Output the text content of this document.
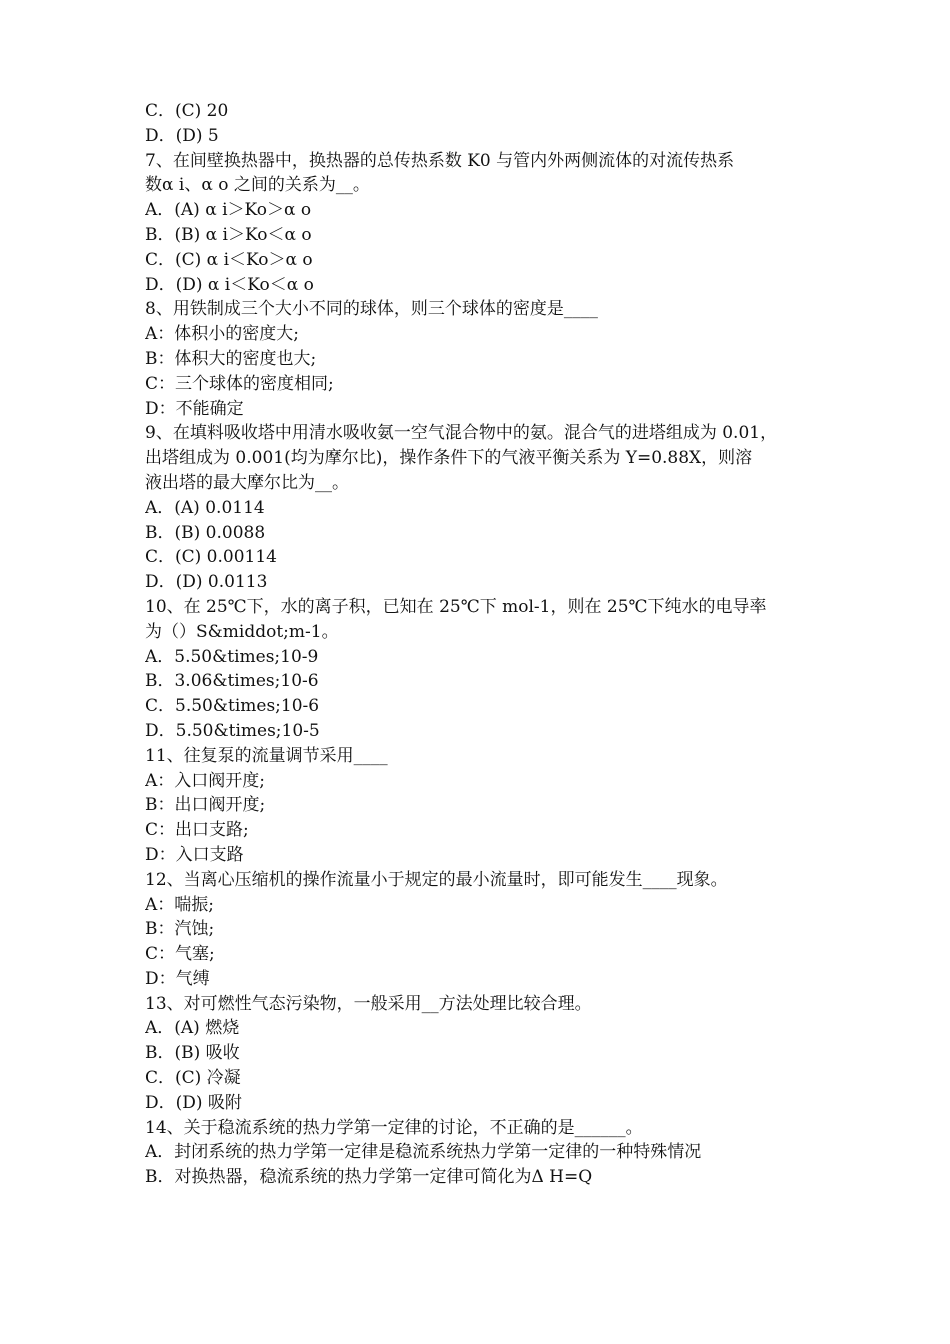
C．(C) 20
D．(D) 5
7、在间壁换热器中，换热器的总传热系数 K0 与管内外两侧流体的对流传热系
数α i、α o 之间的关系为__。
A．(A) α i＞Ko＞α o
B．(B) α i＞Ko＜α o
C．(C) α i＜Ko＞α o
D．(D) α i＜Ko＜α o
8、用铁制成三个大小不同的球体，则三个球体的密度是____
A：体积小的密度大;
B：体积大的密度也大;
C：三个球体的密度相同;
D：不能确定
9、在填料吸收塔中用清水吸收氨一空气混合物中的氨。混合气的进塔组成为 0.01，
出塔组成为 0.001(均为摩尔比)，操作条件下的气液平衡关系为 Y=0.88X，则溶
液出塔的最大摩尔比为__。
A．(A) 0.0114
B．(B) 0.0088
C．(C) 0.00114
D．(D) 0.0113
10、在 25℃下，水的离子积，已知在 25℃下 mol-1，则在 25℃下纯水的电导率
为（）S&middot;m-1。
A．5.50&times;10-9
B．3.06&times;10-6
C．5.50&times;10-6
D．5.50&times;10-5
11、往复泵的流量调节采用____
A：入口阀开度;
B：出口阀开度;
C：出口支路;
D：入口支路
12、当离心压缩机的操作流量小于规定的最小流量时，即可能发生____现象。
A：喘振;
B：汽蚀;
C：气塞;
D：气缚
13、对可燃性气态污染物，一般采用__方法处理比较合理。
A．(A) 燃烧
B．(B) 吸收
C．(C) 冷凝
D．(D) 吸附
14、关于稳流系统的热力学第一定律的讨论，不正确的是______。
A．封闭系统的热力学第一定律是稳流系统热力学第一定律的一种特殊情况
B．对换热器，稳流系统的热力学第一定律可简化为Δ H=Q
